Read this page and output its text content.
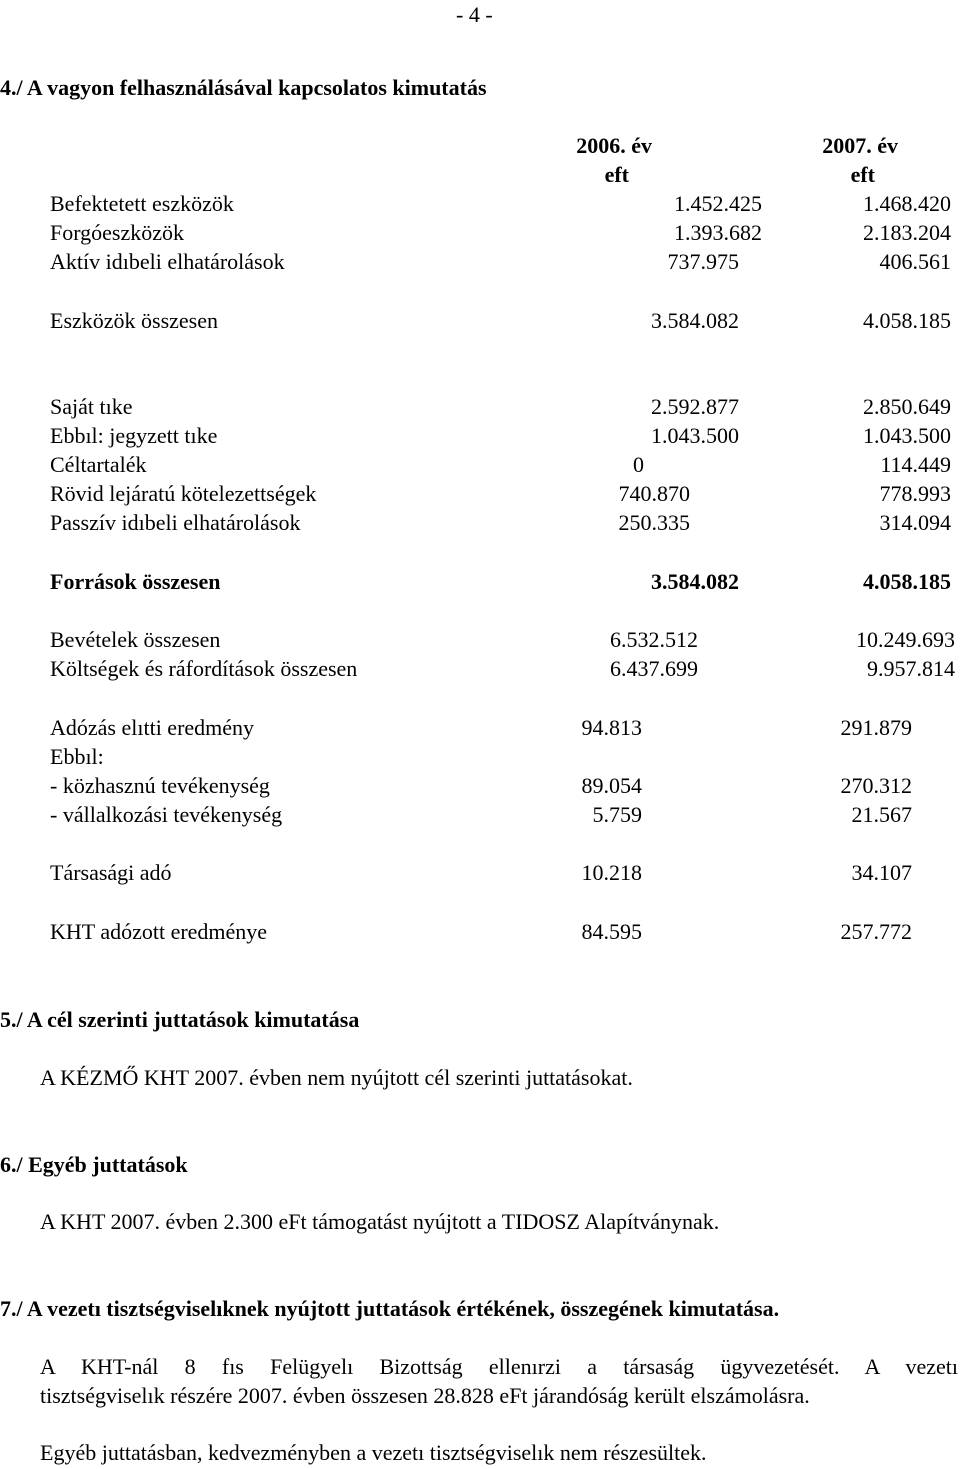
- 4 -
4./ A vagyon felhasználásával kapcsolatos kimutatás
2006. év	2007. év
eft	eft
Befektetett eszközök	1.452.425	1.468.420
Forgóeszközök	1.393.682	2.183.204
Aktív idıbeli elhatárolások	737.975	406.561
Eszközök összesen	3.584.082	4.058.185
Saját tıke	2.592.877	2.850.649
Ebbıl: jegyzett tıke	1.043.500	1.043.500
Céltartalék	0	114.449
Rövid lejáratú kötelezettségek	740.870	778.993
Passzív idıbeli elhatárolások	250.335	314.094
Források összesen	3.584.082	4.058.185
Bevételek összesen	6.532.512	10.249.693
Költségek és ráfordítások összesen	6.437.699	9.957.814
Adózás elıtti eredmény	94.813	291.879
Ebbıl:
- közhasznú tevékenység	89.054	270.312
- vállalkozási tevékenység	5.759	21.567
Társasági adó	10.218	34.107
KHT adózott eredménye	84.595	257.772
5./ A cél szerinti juttatások kimutatása
A KÉZMŐ KHT 2007. évben nem nyújtott cél szerinti juttatásokat.
6./ Egyéb juttatások
A KHT 2007. évben 2.300 eFt támogatást nyújtott a TIDOSZ Alapítványnak.
7./ A vezetı tisztségviselıknek nyújtott juttatások értékének, összegének kimutatása.
A KHT-nál 8 fıs Felügyelı Bizottság ellenırzi a társaság ügyvezetését. A vezetı
tisztségviselık részére 2007. évben összesen 28.828 eFt járandóság került elszámolásra.
Egyéb juttatásban, kedvezményben a vezetı tisztségviselık nem részesültek.
